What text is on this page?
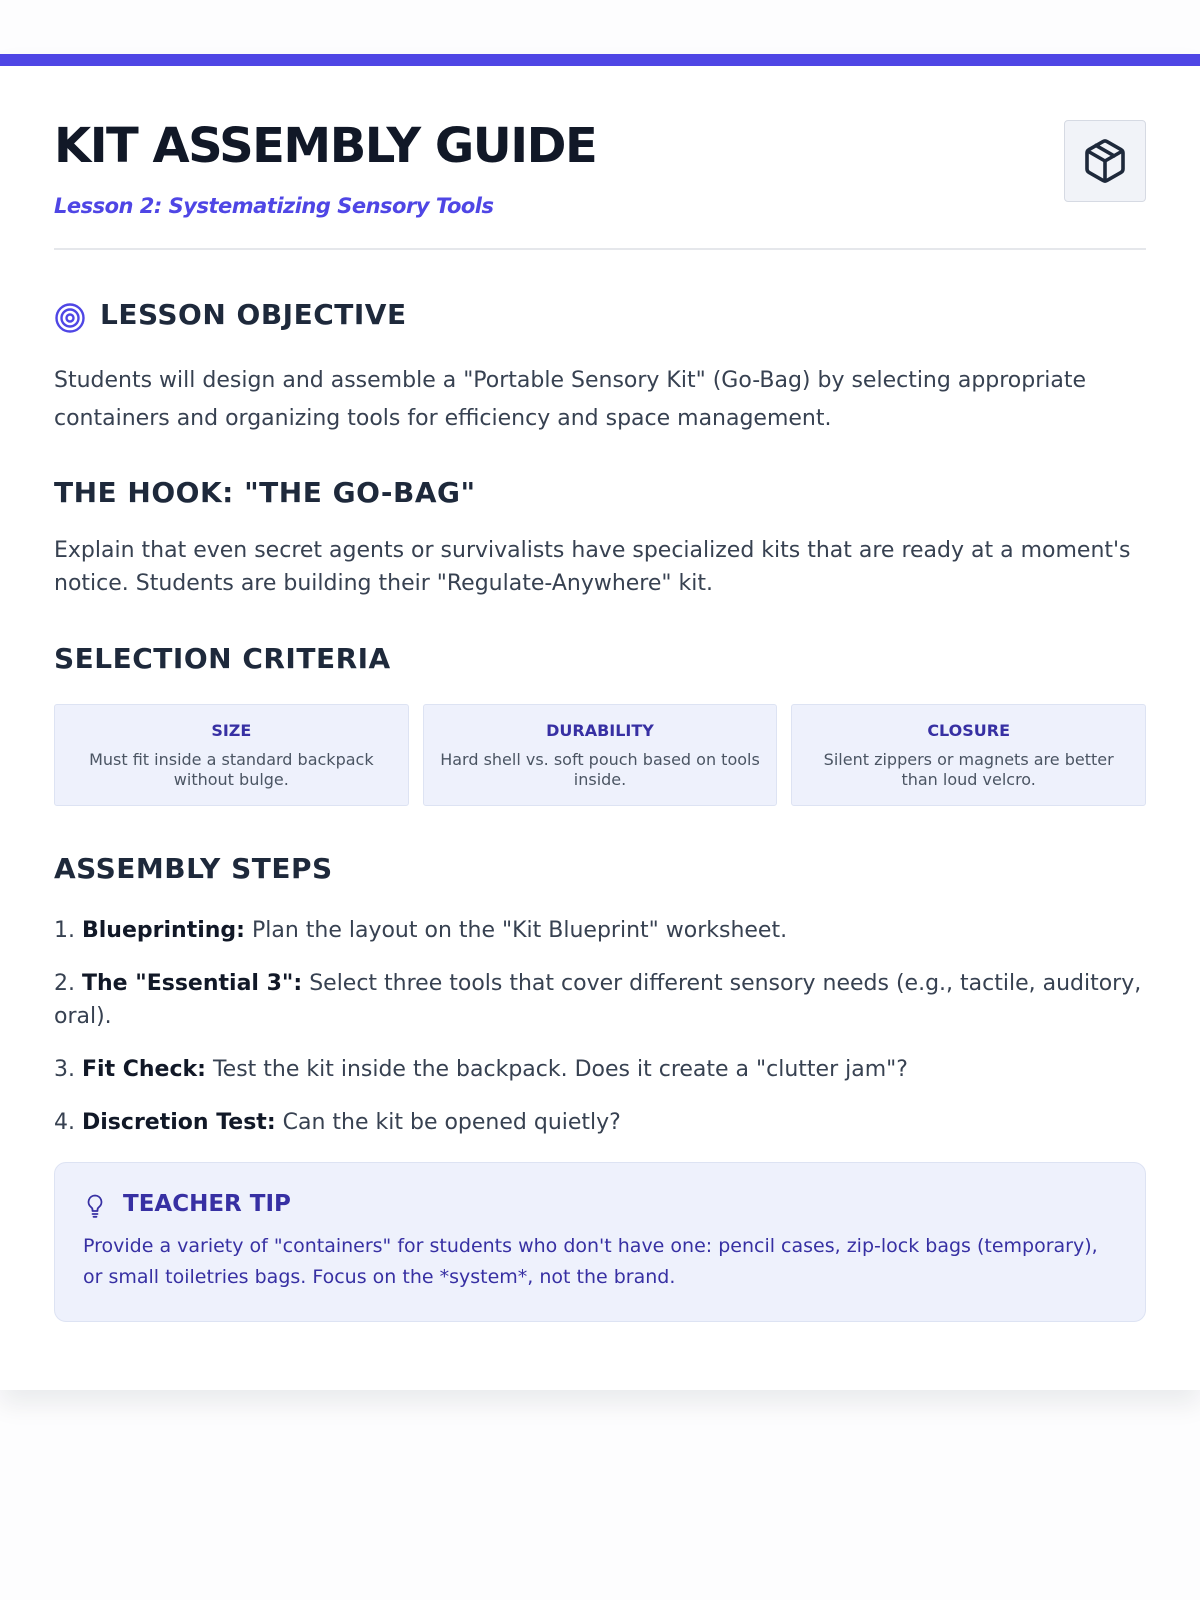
KIT ASSEMBLY GUIDE

Lesson 2: Systematizing Sensory Tools

LESSON OBJECTIVE

Students will design and assemble a "Portable Sensory Kit" (Go-Bag) by selecting appropriate containers and organizing tools for efficiency and space management.

THE HOOK: "THE GO-BAG"

Explain that even secret agents or survivalists have specialized kits that are ready at a moment's notice. Students are building their "Regulate-Anywhere" kit.

SELECTION CRITERIA
SIZE
Must fit inside a standard backpack without bulge.
DURABILITY
Hard shell vs. soft pouch based on tools inside.
CLOSURE
Silent zippers or magnets are better than loud velcro.
ASSEMBLY STEPS
1. Blueprinting: Plan the layout on the "Kit Blueprint" worksheet.
2. The "Essential 3": Select three tools that cover different sensory needs (e.g., tactile, auditory, oral).
3. Fit Check: Test the kit inside the backpack. Does it create a "clutter jam"?
4. Discretion Test: Can the kit be opened quietly?
TEACHER TIP

Provide a variety of "containers" for students who don't have one: pencil cases, zip-lock bags (temporary), or small toiletries bags. Focus on the *system*, not the brand.
